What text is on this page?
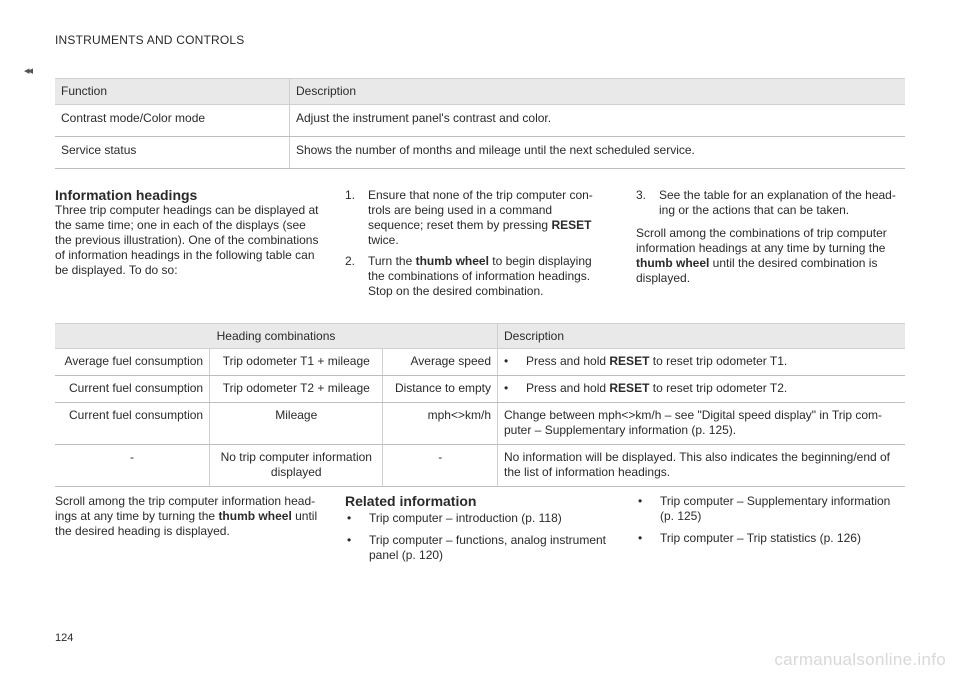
INSTRUMENTS AND CONTROLS
◂◂
Function	Description
Contrast mode/Color mode	Adjust the instrument panel's contrast and color.
Service status	Shows the number of months and mileage until the next scheduled service.
Information headings
Three trip computer headings can be displayed at the same time; one in each of the displays (see the previous illustration). One of the combinations of information headings in the following table can be displayed. To do so:
1. Ensure that none of the trip computer con-trols are being used in a command sequence; reset them by pressing RESET twice.
2. Turn the thumb wheel to begin displaying the combinations of information headings. Stop on the desired combination.
3. See the table for an explanation of the head-ing or the actions that can be taken.
Scroll among the combinations of trip computer information headings at any time by turning the thumb wheel until the desired combination is displayed.
Heading combinations			Description
Average fuel consumption	Trip odometer T1 + mileage	Average speed	• Press and hold RESET to reset trip odometer T1.
Current fuel consumption	Trip odometer T2 + mileage	Distance to empty	• Press and hold RESET to reset trip odometer T2.
Current fuel consumption	Mileage	mph<>km/h	Change between mph<>km/h – see "Digital speed display" in Trip com-puter – Supplementary information (p. 125).
-	No trip computer information displayed	-	No information will be displayed. This also indicates the beginning/end of the list of information headings.
Scroll among the trip computer information head-ings at any time by turning the thumb wheel until the desired heading is displayed.
Related information
• Trip computer – introduction (p. 118)
• Trip computer – functions, analog instrument panel (p. 120)
• Trip computer – Supplementary information (p. 125)
• Trip computer – Trip statistics (p. 126)
124
carmanualsonline.info
